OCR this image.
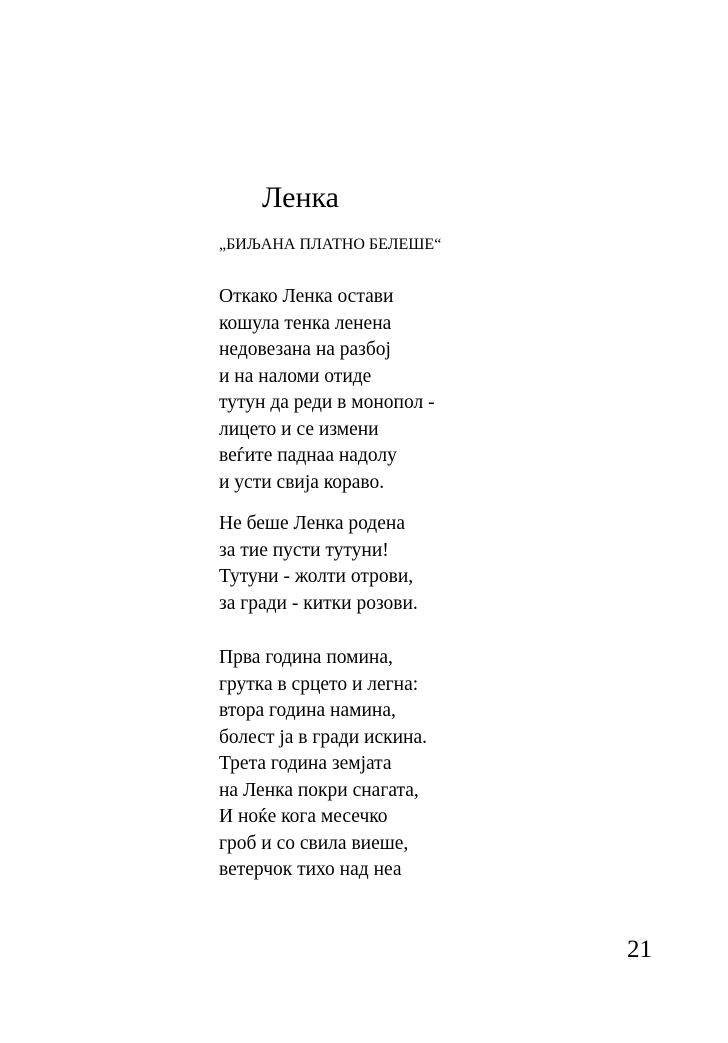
Ленка
„БИЉАНА ПЛАТНО БЕЛЕШЕ“
Откако Ленка остави
кошула тенка ленена
недовезана на разбој
и на наломи отиде
тутун да реди в монопол -
лицето и се измени
веѓите паднаа надолу
и усти свија кораво.
Не беше Ленка родена
за тие пусти тутуни!
Тутуни - жолти отрови,
за гради - китки розови.
Прва година помина,
грутка в срцето и легна:
втора година намина,
болест ја в гради искина.
Трета година земјата
на Ленка покри снагата,
И ноќе кога месечко
гроб и со свила виеше,
ветерчок тихо над неа
21
